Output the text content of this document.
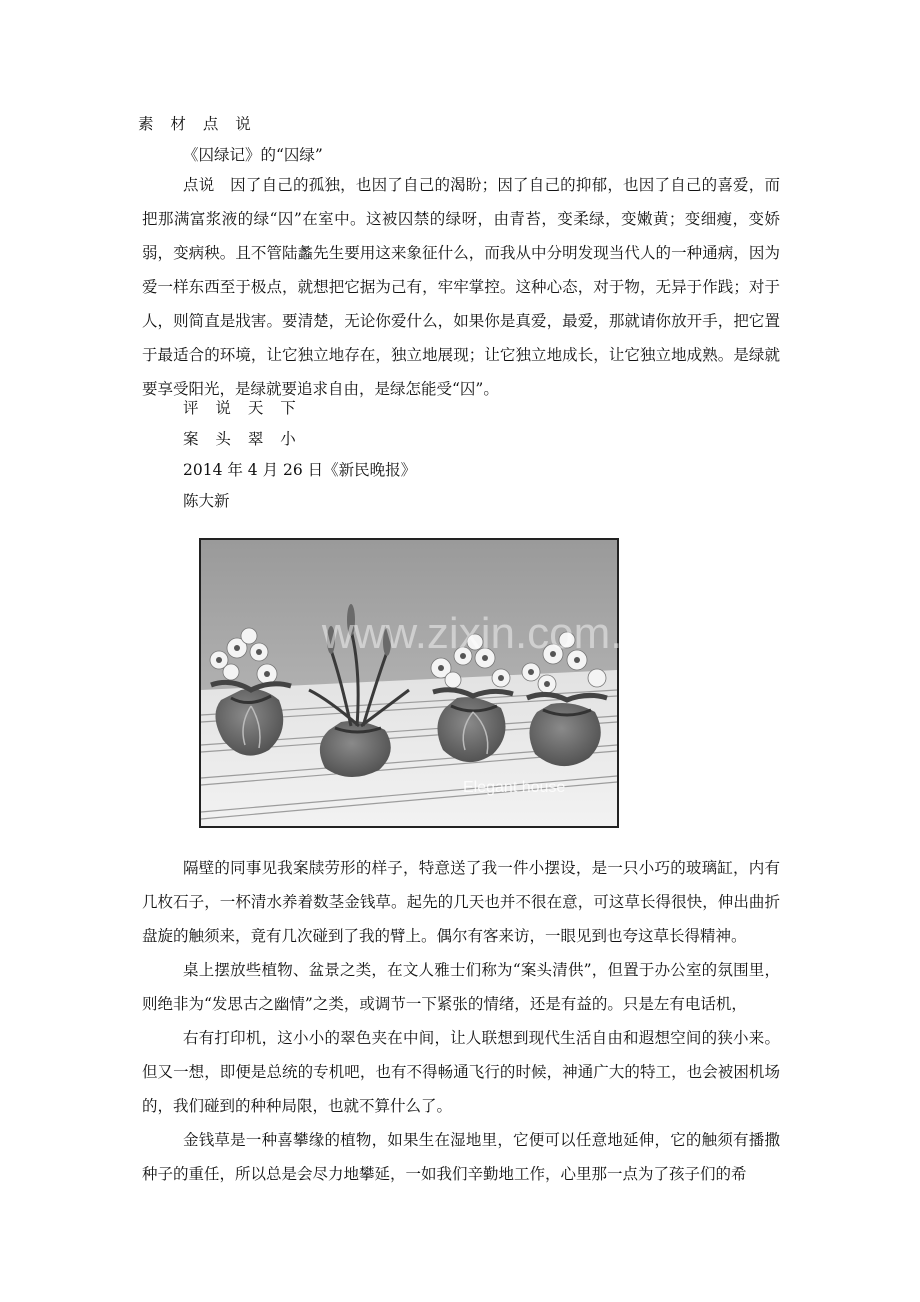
素 材 点 说
《囚绿记》的“囚绿”

点说　因了自己的孤独，也因了自己的渴盼；因了自己的抑郁，也因了自己的喜爱，而把那满富浆液的绿“囚”在室中。这被囚禁的绿呀，由青苔，变柔绿，变嫩黄；变细瘦，变娇弱，变病秧。且不管陆蠡先生要用这来象征什么，而我从中分明发现当代人的一种通病，因为爱一样东西至于极点，就想把它据为己有，牢牢掌控。这种心态，对于物，无异于作践；对于人，则简直是戕害。要清楚，无论你爱什么，如果你是真爱，最爱，那就请你放开手，把它置于最适合的环境，让它独立地存在，独立地展现；让它独立地成长，让它独立地成熟。是绿就要享受阳光，是绿就要追求自由，是绿怎能受“囚”。

评 说 天 下
案 头 翠 小
2014 年 4 月 26 日《新民晚报》
陈大新
www.zixin.com.cn
Elegant house

隔壁的同事见我案牍劳形的样子，特意送了我一件小摆设，是一只小巧的玻璃缸，内有几枚石子，一杯清水养着数茎金钱草。起先的几天也并不很在意，可这草长得很快，伸出曲折盘旋的触须来，竟有几次碰到了我的臂上。偶尔有客来访，一眼见到也夸这草长得精神。

桌上摆放些植物、盆景之类，在文人雅士们称为“案头清供”，但置于办公室的氛围里，则绝非为“发思古之幽情”之类，或调节一下紧张的情绪，还是有益的。只是左有电话机，

右有打印机，这小小的翠色夹在中间，让人联想到现代生活自由和遐想空间的狭小来。但又一想，即便是总统的专机吧，也有不得畅通飞行的时候，神通广大的特工，也会被困机场的，我们碰到的种种局限，也就不算什么了。

金钱草是一种喜攀缘的植物，如果生在湿地里，它便可以任意地延伸，它的触须有播撒种子的重任，所以总是会尽力地攀延，一如我们辛勤地工作，心里那一点为了孩子们的希
